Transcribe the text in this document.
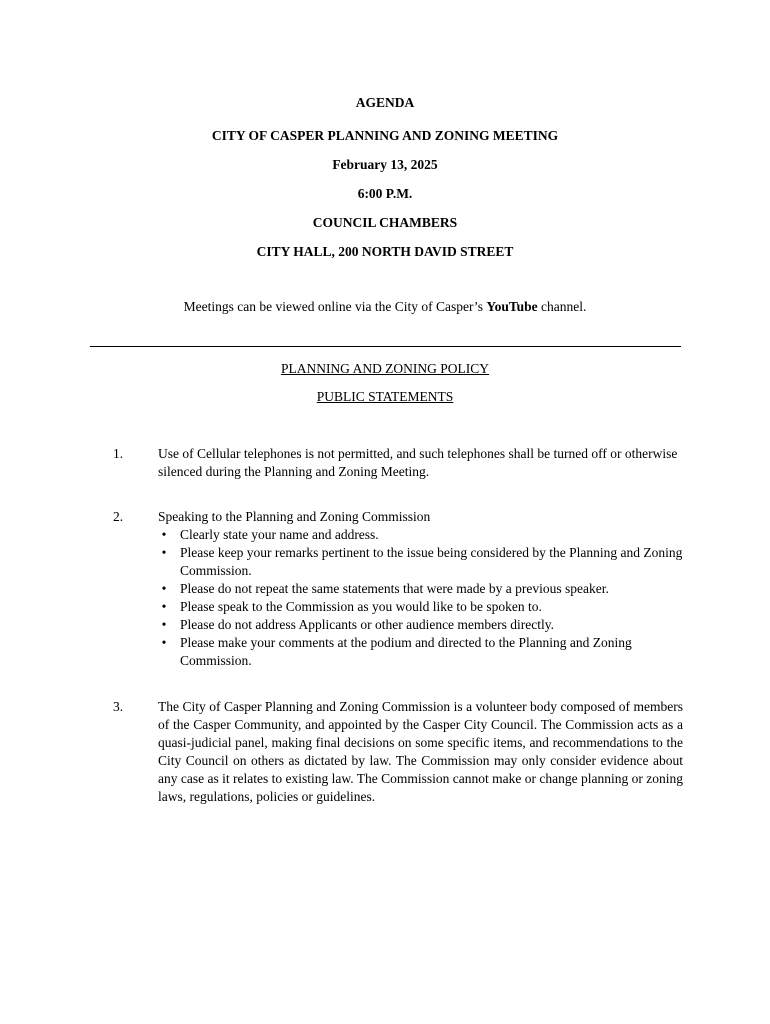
AGENDA
CITY OF CASPER PLANNING AND ZONING MEETING
February 13, 2025
6:00 P.M.
COUNCIL CHAMBERS
CITY HALL, 200 NORTH DAVID STREET
Meetings can be viewed online via the City of Casper’s YouTube channel.
PLANNING AND ZONING POLICY
PUBLIC STATEMENTS
1.	Use of Cellular telephones is not permitted, and such telephones shall be turned off or otherwise silenced during the Planning and Zoning Meeting.
2.	Speaking to the Planning and Zoning Commission
• Clearly state your name and address.
• Please keep your remarks pertinent to the issue being considered by the Planning and Zoning Commission.
• Please do not repeat the same statements that were made by a previous speaker.
• Please speak to the Commission as you would like to be spoken to.
• Please do not address Applicants or other audience members directly.
• Please make your comments at the podium and directed to the Planning and Zoning Commission.
3.	The City of Casper Planning and Zoning Commission is a volunteer body composed of members of the Casper Community, and appointed by the Casper City Council. The Commission acts as a quasi-judicial panel, making final decisions on some specific items, and recommendations to the City Council on others as dictated by law. The Commission may only consider evidence about any case as it relates to existing law. The Commission cannot make or change planning or zoning laws, regulations, policies or guidelines.
